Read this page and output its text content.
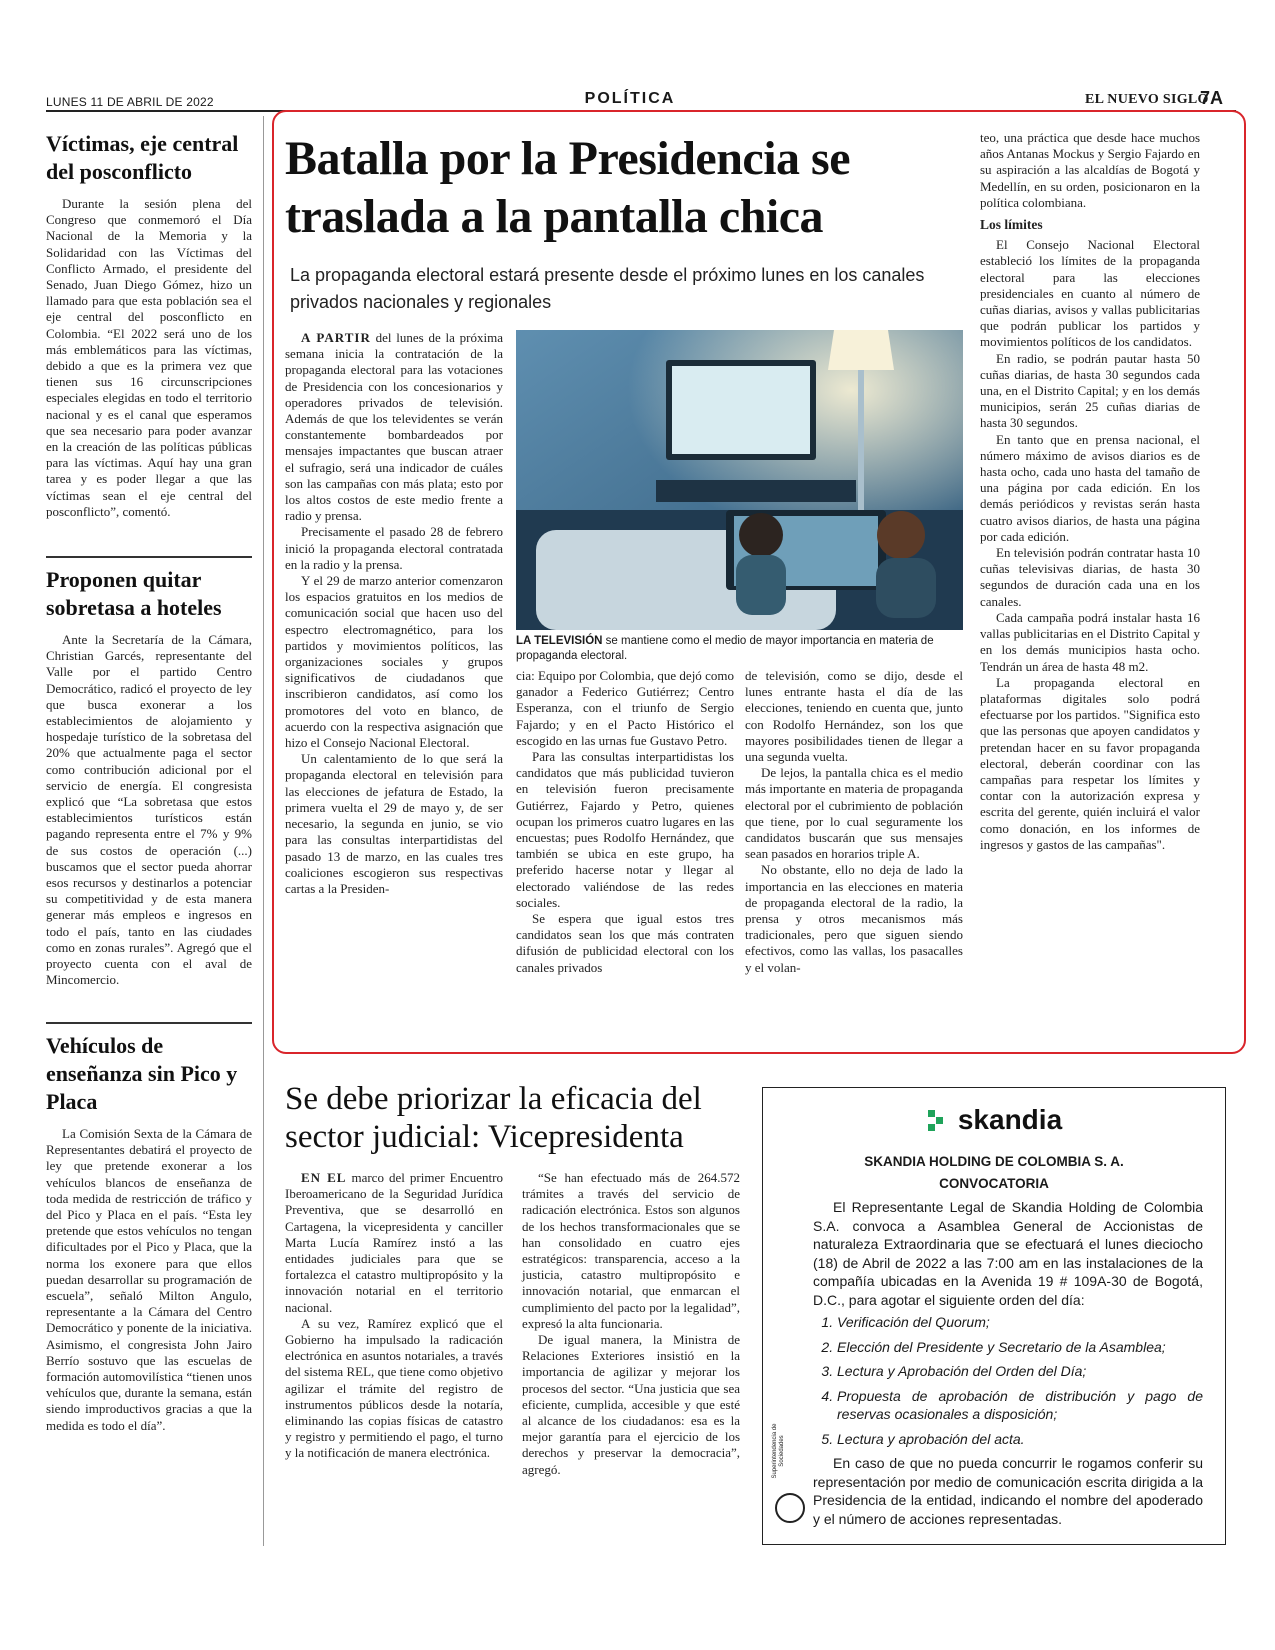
LUNES 11 DE ABRIL DE 2022	POLÍTICA	EL NUEVO SIGLO
7A
Víctimas, eje central del posconflicto

Durante la sesión plena del Congreso que conmemoró el Día Nacional de la Memoria y la Solidaridad con las Víctimas del Conflicto Armado, el presidente del Senado, Juan Diego Gómez, hizo un llamado para que esta población sea el eje central del posconflicto en Colombia. “El 2022 será uno de los más emblemáticos para las víctimas, debido a que es la primera vez que tienen sus 16 circunscripciones especiales elegidas en todo el territorio nacional y es el canal que esperamos que sea necesario para poder avanzar en la creación de las políticas públicas para las víctimas. Aquí hay una gran tarea y es poder llegar a que las víctimas sean el eje central del posconflicto”, comentó.

Proponen quitar sobretasa a hoteles

Ante la Secretaría de la Cámara, Christian Garcés, representante del Valle por el partido Centro Democrático, radicó el proyecto de ley que busca exonerar a los establecimientos de alojamiento y hospedaje turístico de la sobretasa del 20% que actualmente paga el sector como contribución adicional por el servicio de energía. El congresista explicó que “La sobretasa que estos establecimientos turísticos están pagando representa entre el 7% y 9% de sus costos de operación (...) buscamos que el sector pueda ahorrar esos recursos y destinarlos a potenciar su competitividad y de esta manera generar más empleos e ingresos en todo el país, tanto en las ciudades como en zonas rurales”. Agregó que el proyecto cuenta con el aval de Mincomercio.

Vehículos de enseñanza sin Pico y Placa

La Comisión Sexta de la Cámara de Representantes debatirá el proyecto de ley que pretende exonerar a los vehículos blancos de enseñanza de toda medida de restricción de tráfico y del Pico y Placa en el país. “Esta ley pretende que estos vehículos no tengan dificultades por el Pico y Placa, que la norma los exonere para que ellos puedan desarrollar su programación de escuela”, señaló Milton Angulo, representante a la Cámara del Centro Democrático y ponente de la iniciativa. Asimismo, el congresista John Jairo Berrío sostuvo que las escuelas de formación automovilística “tienen unos vehículos que, durante la semana, están siendo improductivos gracias a que la medida es todo el día”.

Batalla por la Presidencia se traslada a la pantalla chica
La propaganda electoral estará presente desde el próximo lunes en los canales privados nacionales y regionales

A PARTIR del lunes de la próxima semana inicia la contratación de la propaganda electoral para las votaciones de Presidencia con los concesionarios y operadores privados de televisión. Además de que los televidentes se verán constantemente bombardeados por mensajes impactantes que buscan atraer el sufragio, será una indicador de cuáles son las campañas con más plata; esto por los altos costos de este medio frente a radio y prensa.

Precisamente el pasado 28 de febrero inició la propaganda electoral contratada en la radio y la prensa.

Y el 29 de marzo anterior comenzaron los espacios gratuitos en los medios de comunicación social que hacen uso del espectro electromagnético, para los partidos y movimientos políticos, las organizaciones sociales y grupos significativos de ciudadanos que inscribieron candidatos, así como los promotores del voto en blanco, de acuerdo con la respectiva asignación que hizo el Consejo Nacional Electoral.

Un calentamiento de lo que será la propaganda electoral en televisión para las elecciones de jefatura de Estado, la primera vuelta el 29 de mayo y, de ser necesario, la segunda en junio, se vio para las consultas interpartidistas del pasado 13 de marzo, en las cuales tres coaliciones escogieron sus respectivas cartas a la Presiden-

LA TELEVISIÓN se mantiene como el medio de mayor importancia en materia de propaganda electoral.

cia: Equipo por Colombia, que dejó como ganador a Federico Gutiérrez; Centro Esperanza, con el triunfo de Sergio Fajardo; y en el Pacto Histórico el escogido en las urnas fue Gustavo Petro.

Para las consultas interpartidistas los candidatos que más publicidad tuvieron en televisión fueron precisamente Gutiérrez, Fajardo y Petro, quienes ocupan los primeros cuatro lugares en las encuestas; pues Rodolfo Hernández, que también se ubica en este grupo, ha preferido hacerse notar y llegar al electorado valiéndose de las redes sociales.

Se espera que igual estos tres candidatos sean los que más contraten difusión de publicidad electoral con los canales privados

de televisión, como se dijo, desde el lunes entrante hasta el día de las elecciones, teniendo en cuenta que, junto con Rodolfo Hernández, son los que mayores posibilidades tienen de llegar a una segunda vuelta.

De lejos, la pantalla chica es el medio más importante en materia de propaganda electoral por el cubrimiento de población que tiene, por lo cual seguramente los candidatos buscarán que sus mensajes sean pasados en horarios triple A.

No obstante, ello no deja de lado la importancia en las elecciones en materia de propaganda electoral de la radio, la prensa y otros mecanismos más tradicionales, pero que siguen siendo efectivos, como las vallas, los pasacalles y el volan-

teo, una práctica que desde hace muchos años Antanas Mockus y Sergio Fajardo en su aspiración a las alcaldías de Bogotá y Medellín, en su orden, posicionaron en la política colombiana.

Los límites

El Consejo Nacional Electoral estableció los límites de la propaganda electoral para las elecciones presidenciales en cuanto al número de cuñas diarias, avisos y vallas publicitarias que podrán publicar los partidos y movimientos políticos de los candidatos.

En radio, se podrán pautar hasta 50 cuñas diarias, de hasta 30 segundos cada una, en el Distrito Capital; y en los demás municipios, serán 25 cuñas diarias de hasta 30 segundos.

En tanto que en prensa nacional, el número máximo de avisos diarios es de hasta ocho, cada uno hasta del tamaño de una página por cada edición. En los demás periódicos y revistas serán hasta cuatro avisos diarios, de hasta una página por cada edición.

En televisión podrán contratar hasta 10 cuñas televisivas diarias, de hasta 30 segundos de duración cada una en los canales.

Cada campaña podrá instalar hasta 16 vallas publicitarias en el Distrito Capital y en los demás municipios hasta ocho. Tendrán un área de hasta 48 m2.

La propaganda electoral en plataformas digitales solo podrá efectuarse por los partidos. "Significa esto que las personas que apoyen candidatos y pretendan hacer en su favor propaganda electoral, deberán coordinar con las campañas para respetar los límites y contar con la autorización expresa y escrita del gerente, quién incluirá el valor como donación, en los informes de ingresos y gastos de las campañas".

Se debe priorizar la eficacia del sector judicial: Vicepresidenta

EN EL marco del primer Encuentro Iberoamericano de la Seguridad Jurídica Preventiva, que se desarrolló en Cartagena, la vicepresidenta y canciller Marta Lucía Ramírez instó a las entidades judiciales para que se fortalezca el catastro multipropósito y la innovación notarial en el territorio nacional.

A su vez, Ramírez explicó que el Gobierno ha impulsado la radicación electrónica en asuntos notariales, a través del sistema REL, que tiene como objetivo agilizar el trámite del registro de instrumentos públicos desde la notaría, eliminando las copias físicas de catastro y registro y permitiendo el pago, el turno y la notificación de manera electrónica.

“Se han efectuado más de 264.572 trámites a través del servicio de radicación electrónica. Estos son algunos de los hechos transformacionales que se han consolidado en cuatro ejes estratégicos: transparencia, acceso a la justicia, catastro multipropósito e innovación notarial, que enmarcan el cumplimiento del pacto por la legalidad”, expresó la alta funcionaria.

De igual manera, la Ministra de Relaciones Exteriores insistió en la importancia de agilizar y mejorar los procesos del sector. “Una justicia que sea eficiente, cumplida, accesible y que esté al alcance de los ciudadanos: esa es la mejor garantía para el ejercicio de los derechos y preservar la democracia”, agregó.

skandia
SKANDIA HOLDING DE COLOMBIA S. A.
CONVOCATORIA
El Representante Legal de Skandia Holding de Colombia S.A. convoca a Asamblea General de Accionistas de naturaleza Extraordinaria que se efectuará el lunes dieciocho (18) de Abril de 2022 a las 7:00 am en las instalaciones de la compañía ubicadas en la Avenida 19 # 109A-30 de Bogotá, D.C., para agotar el siguiente orden del día:
1. Verificación del Quorum;
2. Elección del Presidente y Secretario de la Asamblea;
3. Lectura y Aprobación del Orden del Día;
4. Propuesta de aprobación de distribución y pago de reservas ocasionales a disposición;
5. Lectura y aprobación del acta.
En caso de que no pueda concurrir le rogamos conferir su representación por medio de comunicación escrita dirigida a la Presidencia de la entidad, indicando el nombre del apoderado y el número de acciones representadas.
Superintendencia de Sociedades
